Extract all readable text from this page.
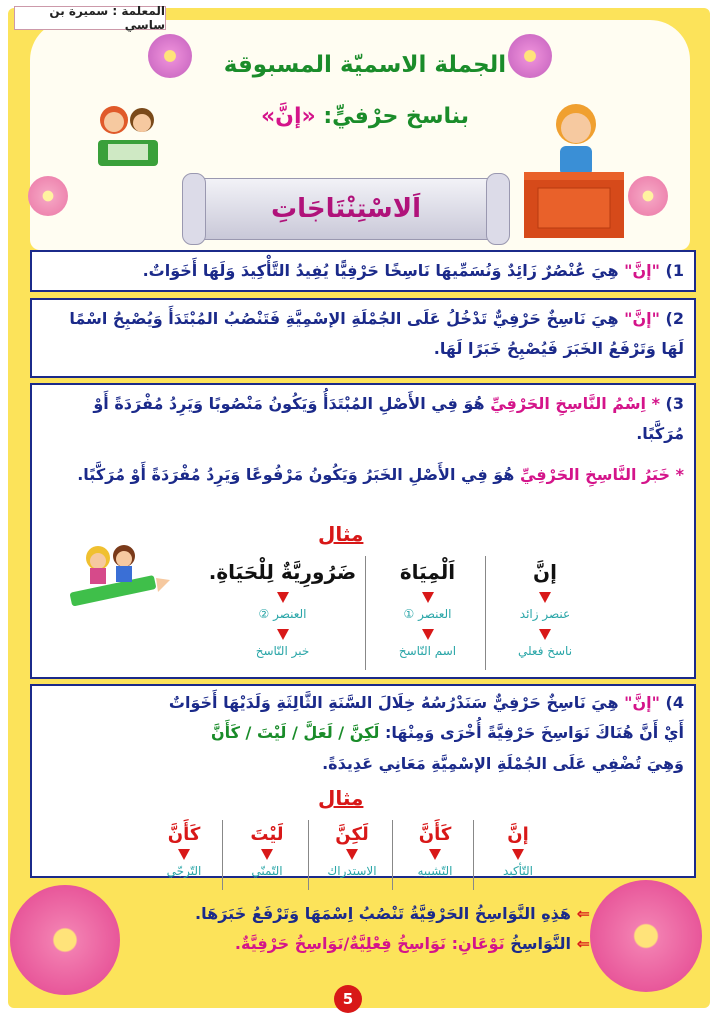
المعلمة : سميرة بن ساسي
الجملة الاسميّة المسبوقة
بناسخ حرْفيٍّ: «إنَّ»
اَلاسْتِنْتَاجَاتِ

1) "إنَّ" هِيَ عُنْصُرٌ زَائِدٌ وَنُسَمِّيهَا نَاسِخًا حَرْفِيًّا يُفِيدُ التَّأْكِيدَ وَلَهَا أَخَوَاتٌ.

2) "إنَّ" هِيَ نَاسِخٌ حَرْفِيٌّ تَدْخُلُ عَلَى الجُمْلَةِ الإسْمِيَّةِ فَتَنْصُبُ المُبْتَدَأَ وَيُصْبِحُ اسْمًا لَهَا وَتَرْفَعُ الخَبَرَ فَيُصْبِحُ خَبَرًا لَهَا.

3) * اِسْمُ النَّاسِخِ الحَرْفِيِّ هُوَ فِي الأَصْلِ المُبْتَدَأُ وَيَكُونُ مَنْصُوبًا وَيَرِدُ مُفْرَدَةً أَوْ مُرَكَّبًا.

* خَبَرُ النَّاسِخِ الحَرْفِيِّ هُوَ فِي الأَصْلِ الخَبَرُ وَيَكُونُ مَرْفُوعًا وَيَرِدُ مُفْرَدَةً أَوْ مُرَكَّبًا.

مثال
إنَّ
عنصر زائد
ناسخ فعلي
اَلْمِيَاهَ
العنصر ①
اسم النّاسخ
ضَرُورِيَّةٌ لِلْحَيَاةِ.
العنصر ②
خبر النّاسخ

4) "إنَّ" هِيَ نَاسِخٌ حَرْفِيٌّ سَنَدْرُسُهُ خِلَالَ السَّنَةِ الثَّالِثَةِ وَلَدَيْهَا أَخَوَاتٌ

أَيْ أَنَّ هُنَاكَ نَوَاسِخَ حَرْفِيَّةً أُخْرَى وَمِنْهَا: لَكِنَّ / لَعَلَّ / لَيْتَ / كَأَنَّ

وَهِيَ تُضْفِي عَلَى الجُمْلَةِ الإسْمِيَّةِ مَعَانِي عَدِيدَةً.

مثال
إنَّ
التّأكيد
كَأَنَّ
التّشبيه
لَكِنَّ
الاستدراك
لَيْتَ
التّمنّي
كَأَنَّ
التّرجّي
⇐ هَذِهِ النَّوَاسِخُ الحَرْفِيَّةُ تَنْصُبُ اِسْمَهَا وَتَرْفَعُ خَبَرَهَا.
⇐ النَّوَاسِخُ نَوْعَانِ: نَوَاسِخُ فِعْلِيَّةٌ/نَوَاسِخُ حَرْفِيَّةٌ.
5
